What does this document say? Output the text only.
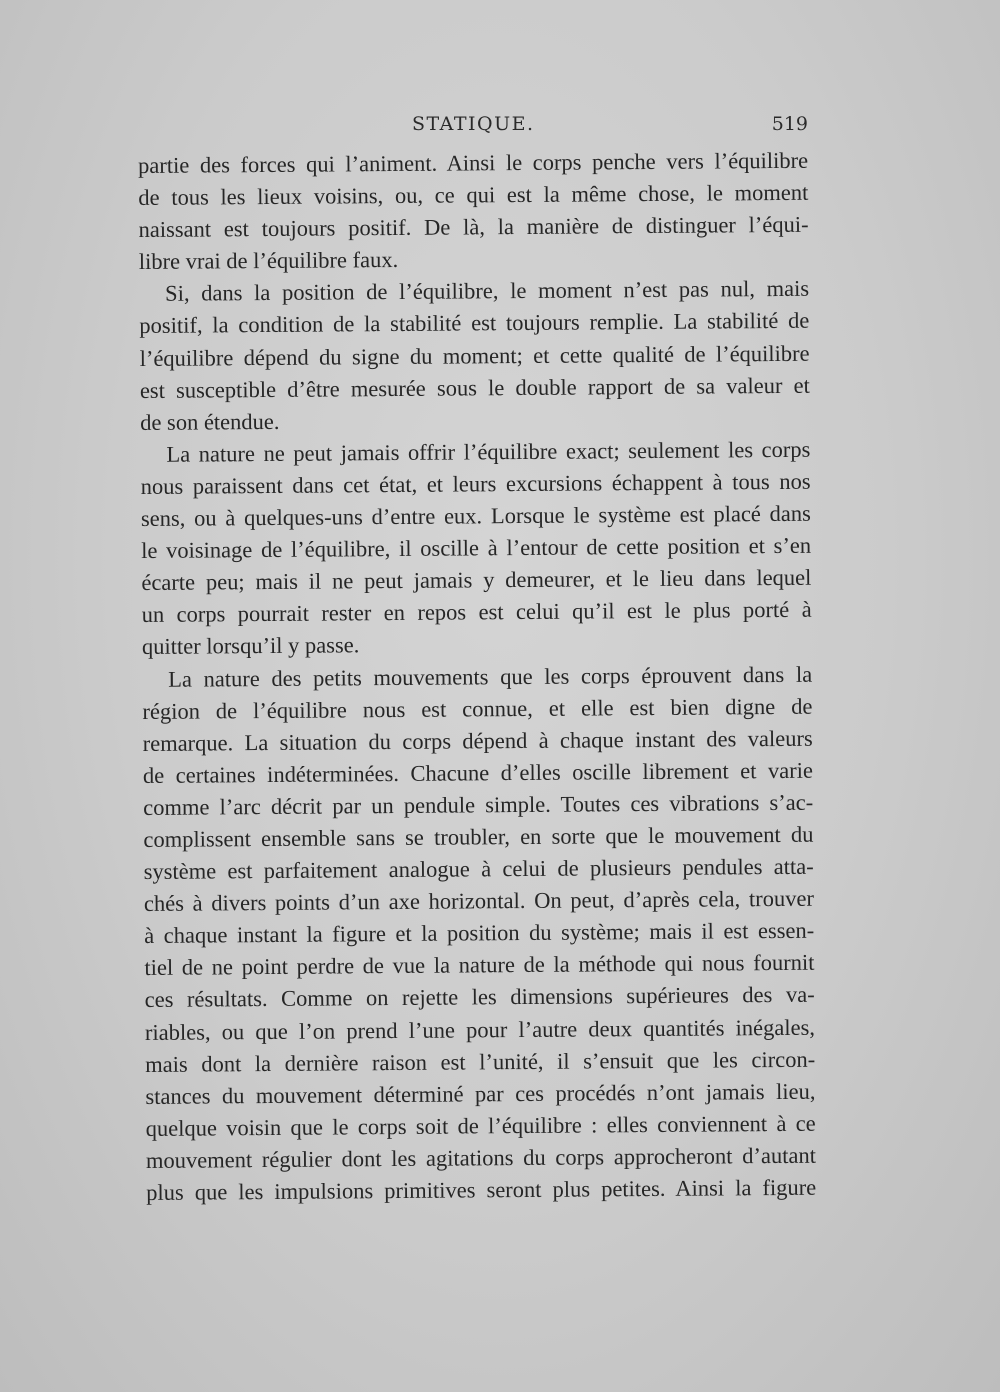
STATIQUE.	519
partie des forces qui l’animent. Ainsi le corps penche vers l’équilibre
de tous les lieux voisins, ou, ce qui est la même chose, le moment
naissant est toujours positif. De là, la manière de distinguer l’équi-
libre vrai de l’équilibre faux.
Si, dans la position de l’équilibre, le moment n’est pas nul, mais
positif, la condition de la stabilité est toujours remplie. La stabilité de
l’équilibre dépend du signe du moment; et cette qualité de l’équilibre
est susceptible d’être mesurée sous le double rapport de sa valeur et
de son étendue.
La nature ne peut jamais offrir l’équilibre exact; seulement les corps
nous paraissent dans cet état, et leurs excursions échappent à tous nos
sens, ou à quelques-uns d’entre eux. Lorsque le système est placé dans
le voisinage de l’équilibre, il oscille à l’entour de cette position et s’en
écarte peu; mais il ne peut jamais y demeurer, et le lieu dans lequel
un corps pourrait rester en repos est celui qu’il est le plus porté à
quitter lorsqu’il y passe.
La nature des petits mouvements que les corps éprouvent dans la
région de l’équilibre nous est connue, et elle est bien digne de
remarque. La situation du corps dépend à chaque instant des valeurs
de certaines indéterminées. Chacune d’elles oscille librement et varie
comme l’arc décrit par un pendule simple. Toutes ces vibrations s’ac-
complissent ensemble sans se troubler, en sorte que le mouvement du
système est parfaitement analogue à celui de plusieurs pendules atta-
chés à divers points d’un axe horizontal. On peut, d’après cela, trouver
à chaque instant la figure et la position du système; mais il est essen-
tiel de ne point perdre de vue la nature de la méthode qui nous fournit
ces résultats. Comme on rejette les dimensions supérieures des va-
riables, ou que l’on prend l’une pour l’autre deux quantités inégales,
mais dont la dernière raison est l’unité, il s’ensuit que les circon-
stances du mouvement déterminé par ces procédés n’ont jamais lieu,
quelque voisin que le corps soit de l’équilibre : elles conviennent à ce
mouvement régulier dont les agitations du corps approcheront d’autant
plus que les impulsions primitives seront plus petites. Ainsi la figure
